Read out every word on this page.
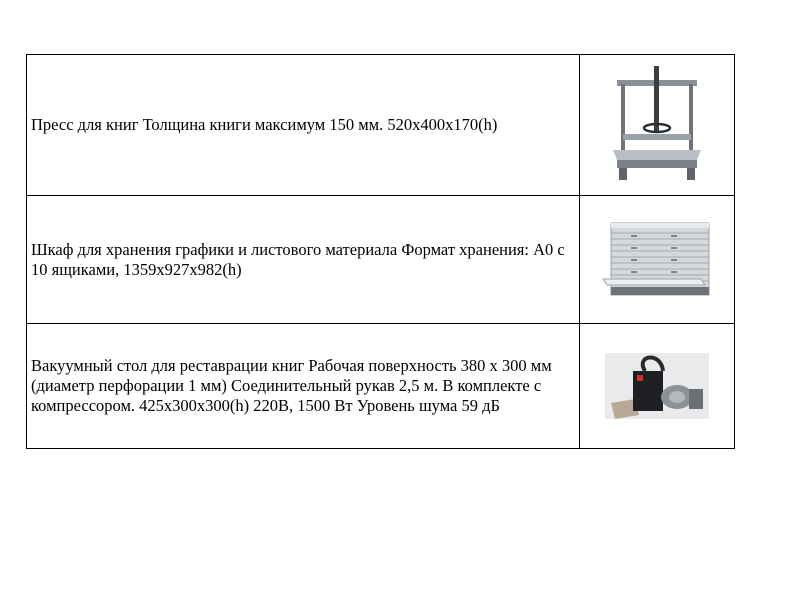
Пресс для книг Толщина книги максимум 150 мм. 520x400x170(h)	

Шкаф для хранения графики и листового материала Формат хранения: А0 с 10 ящиками, 1359x927x982(h)	

Вакуумный стол для реставрации книг Рабочая поверхность 380 х 300 мм (диаметр перфорации 1 мм) Соединительный рукав 2,5 м. В комплекте с компрессором. 425x300x300(h) 220В, 1500 Вт Уровень шума 59 дБ	
